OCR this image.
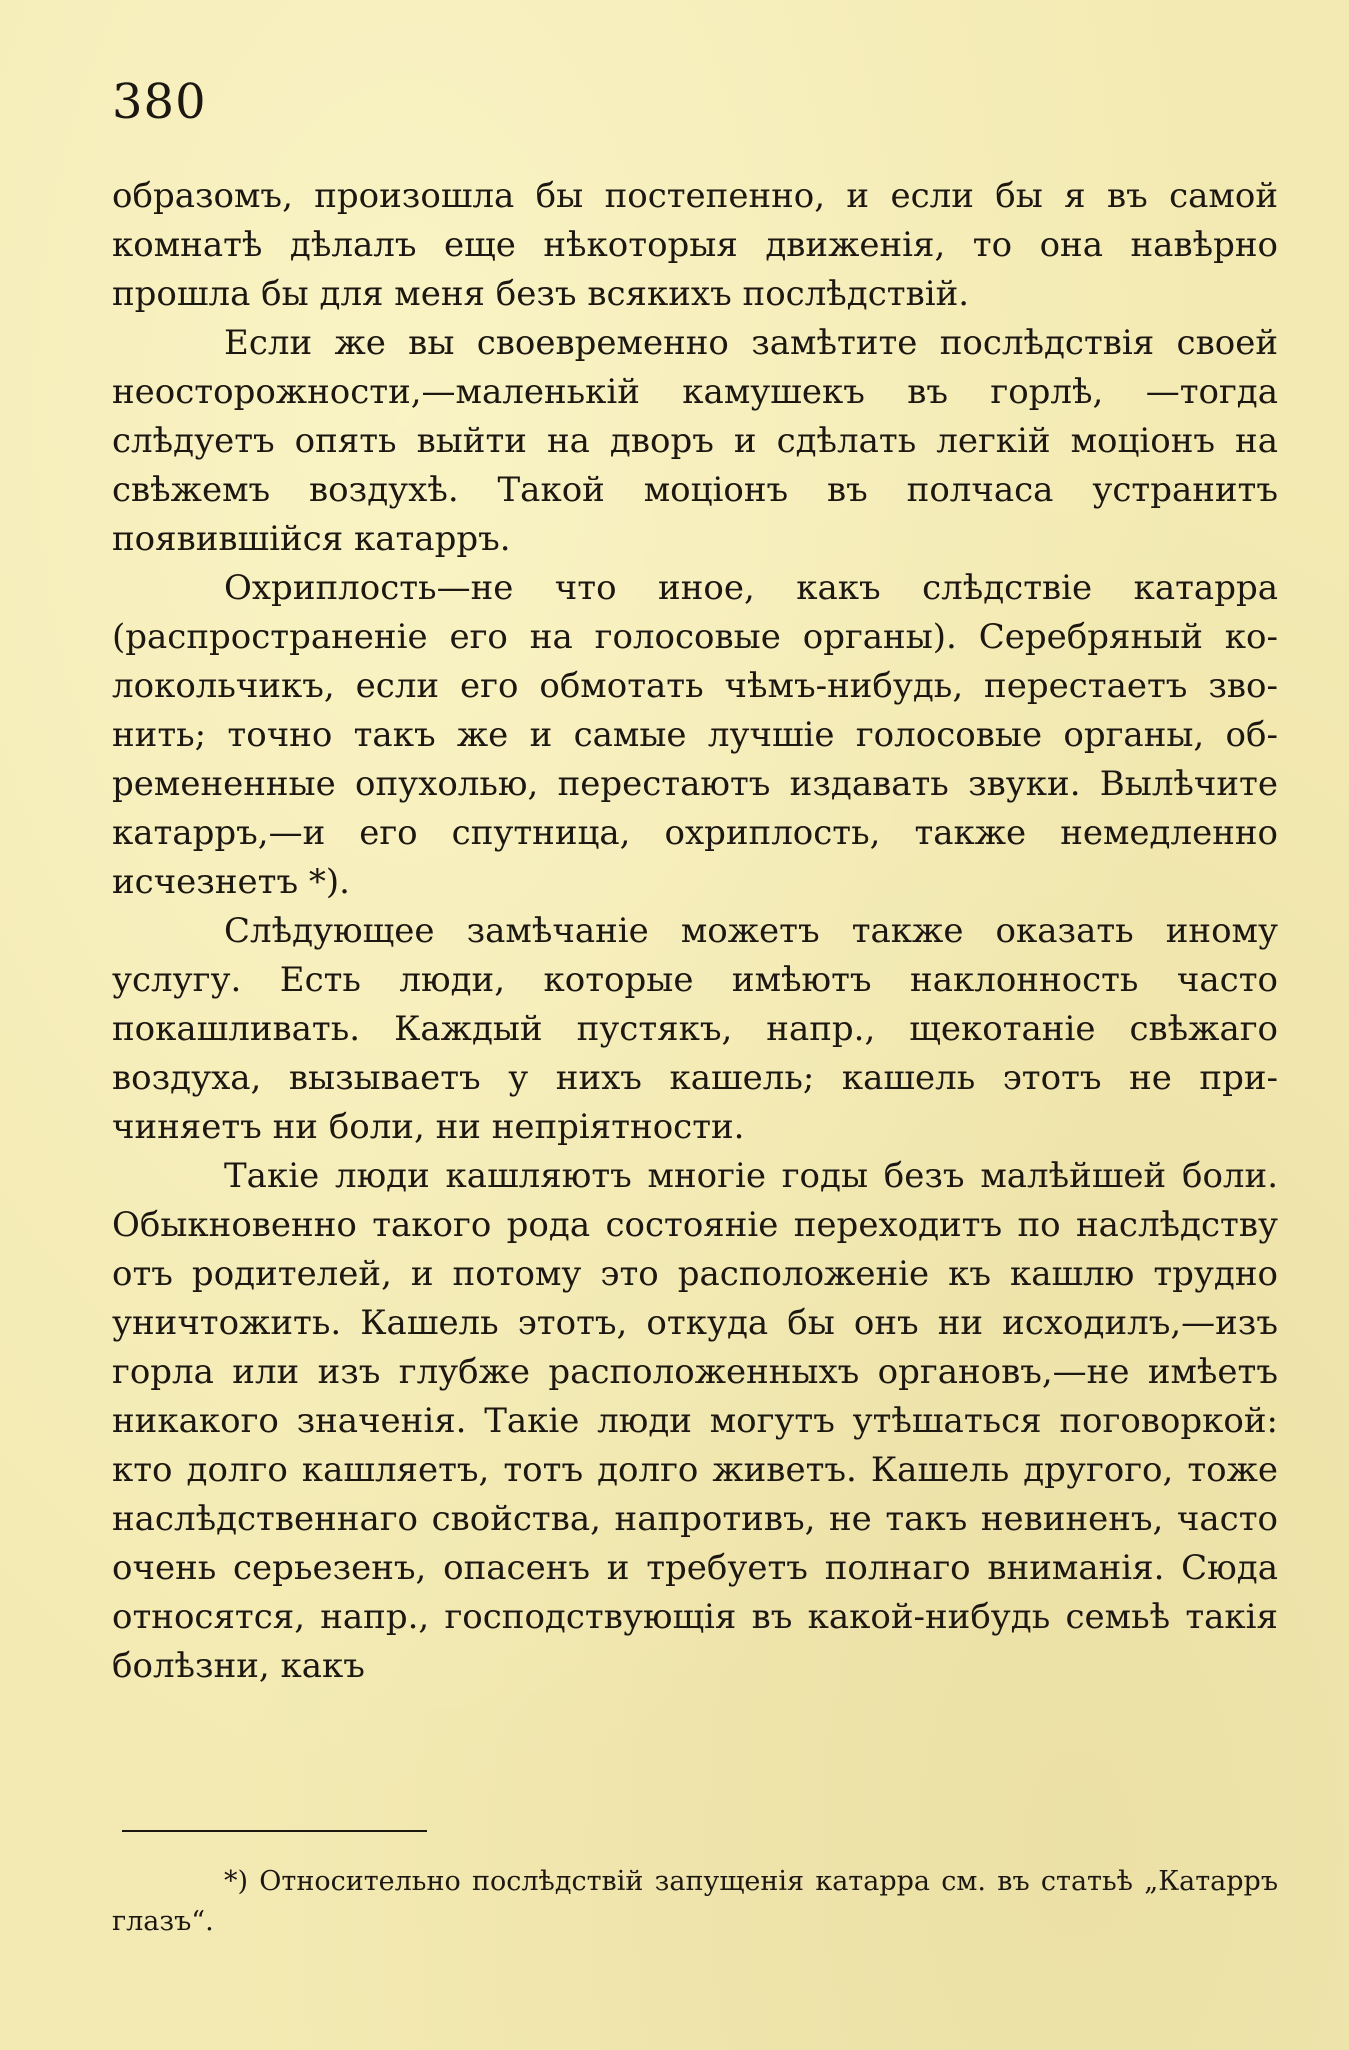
380

образомъ, произошла бы постепенно, и если бы я въ самой комнатѣ дѣлалъ еще нѣкоторыя движенія, то она навѣрно прошла бы для меня безъ всякихъ послѣдствій.

Если же вы своевременно замѣтите послѣдствія своей неосторожности,—маленькій камушекъ въ горлѣ, —тогда слѣдуетъ опять выйти на дворъ и сдѣлать легкій моціонъ на свѣжемъ воздухѣ. Такой моціонъ въ полчаса устранитъ появившійся катарръ.

Охриплость—не что иное, какъ слѣдствіе катарра (распространеніе его на голосовые органы). Серебряный колокольчикъ, если его обмотать чѣмъ-нибудь, перестаетъ звонить; точно такъ же и самые лучшіе голосовые органы, обремененные опухолью, перестаютъ издавать звуки. Вылѣчите катарръ,—и его спутница, охриплость, также немедленно исчезнетъ *).

Слѣдующее замѣчаніе можетъ также оказать иному услугу. Есть люди, которые имѣютъ наклонность часто покашливать. Каждый пустякъ, напр., щекотаніе свѣжаго воздуха, вызываетъ у нихъ кашель; кашель этотъ не причиняетъ ни боли, ни непріятности.

Такіе люди кашляютъ многіе годы безъ малѣйшей боли. Обыкновенно такого рода состояніе переходитъ по наслѣдству отъ родителей, и потому это расположеніе къ кашлю трудно уничтожить. Кашель этотъ, откуда бы онъ ни исходилъ,—изъ горла или изъ глубже расположенныхъ органовъ,—не имѣетъ никакого значенія. Такіе люди могутъ утѣшаться поговоркой: кто долго кашляетъ, тотъ долго живетъ. Кашель другого, тоже наслѣдственнаго свойства, напротивъ, не такъ невиненъ, часто очень серьезенъ, опасенъ и требуетъ полнаго вниманія. Сюда относятся, напр., господствующія въ какой-нибудь семьѣ такія болѣзни, какъ

*) Относительно послѣдствій запущенія катарра см. въ статьѣ „Катарръ глазъ“.
